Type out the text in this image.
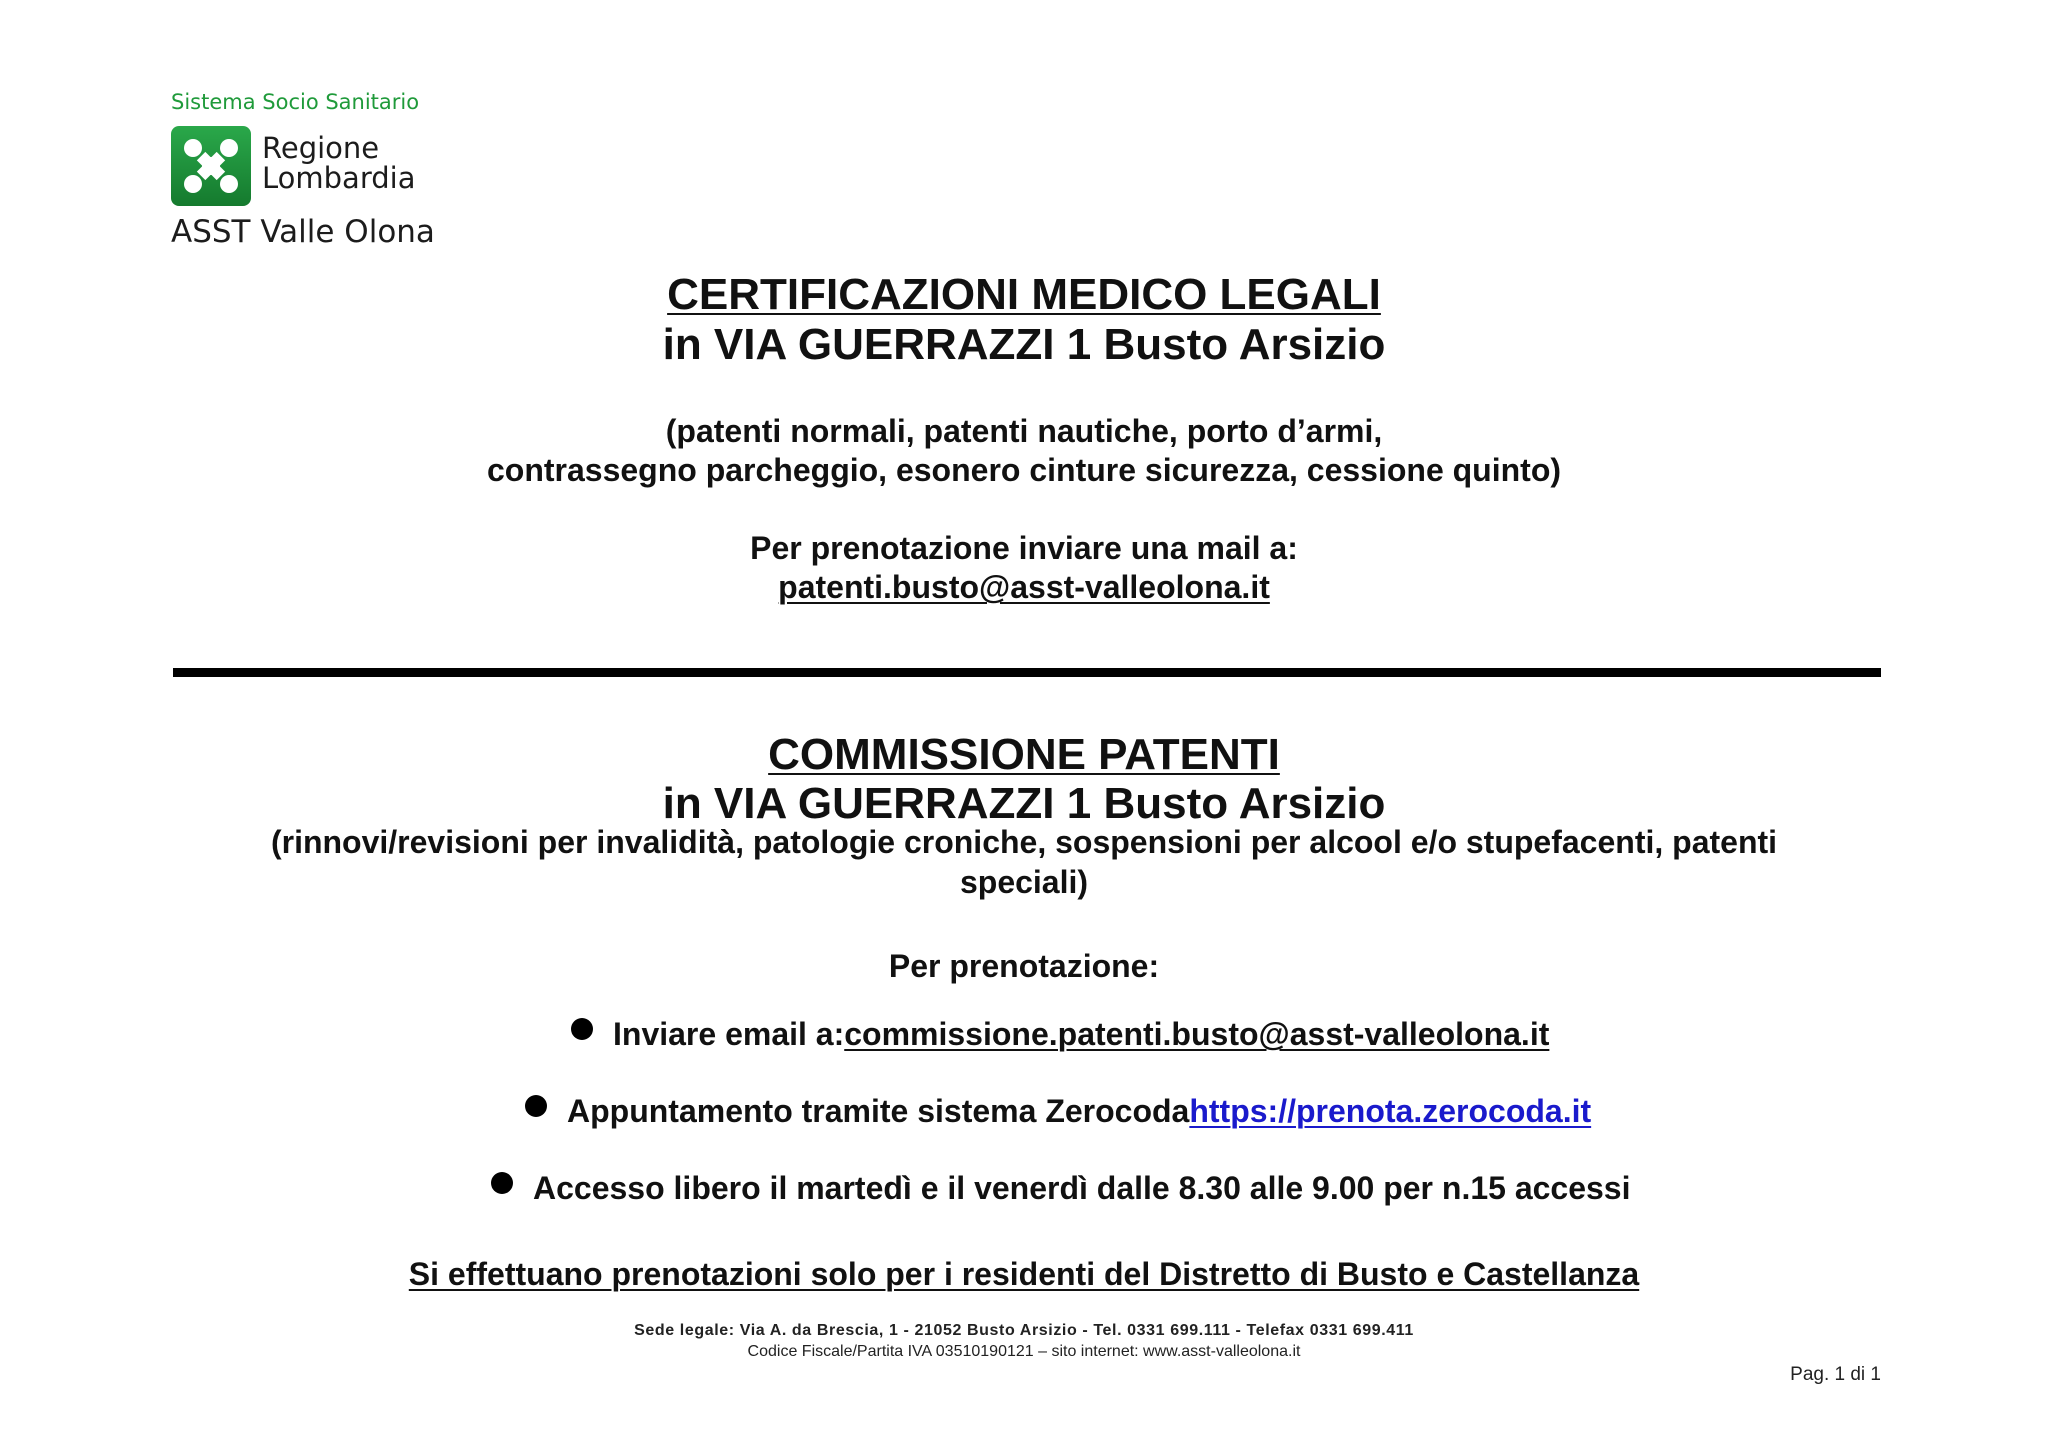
Sistema Socio Sanitario
Regione
Lombardia
ASST Valle Olona
CERTIFICAZIONI MEDICO LEGALI
in VIA GUERRAZZI 1 Busto Arsizio
(patenti normali, patenti nautiche, porto d’armi,
contrassegno parcheggio, esonero cinture sicurezza, cessione quinto)
Per prenotazione inviare una mail a:
patenti.busto@asst-valleolona.it
COMMISSIONE PATENTI
in VIA GUERRAZZI 1 Busto Arsizio
(rinnovi/revisioni per invalidità, patologie croniche, sospensioni per alcool e/o stupefacenti, patenti speciali)
Per prenotazione:
Inviare email a: commissione.patenti.busto@asst-valleolona.it
Appuntamento tramite sistema Zerocoda https://prenota.zerocoda.it
Accesso libero il martedì e il venerdì dalle 8.30 alle 9.00 per n.15 accessi
Si effettuano prenotazioni solo per i residenti del Distretto di Busto e Castellanza
Sede legale: Via A. da Brescia, 1 - 21052 Busto Arsizio - Tel. 0331 699.111 - Telefax 0331 699.411
Codice Fiscale/Partita IVA 03510190121 – sito internet: www.asst-valleolona.it
Pag. 1 di 1
